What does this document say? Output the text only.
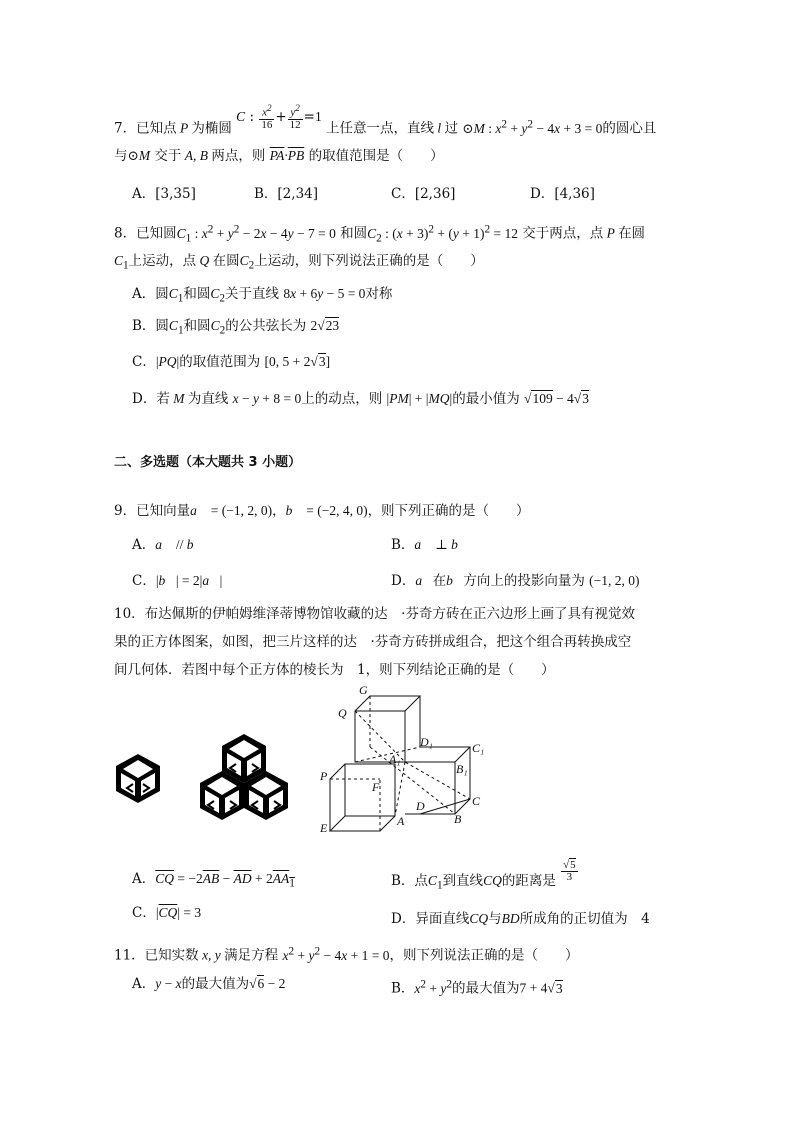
7．已知点 P 为椭圆 C : $\frac{x^2}{16} + \frac{y^2}{12} =1$ 上任意一点，直线 l 过 ⊙M : $x^2 + y^2 - 4x + 3 = 0$的圆心且
与⊙M 交于 A, B 两点，则 $\overline{PA}\cdot\overline{PB}$ 的取值范围是（　　）
A．[3,35]	B．[2,34]	C．[2,36]	D．[4,36]
8．已知圆$C_1$ : $x^2 + y^2 - 2x - 4y - 7 = 0$ 和圆$C_2$ : $(x + 3)^2 + (y + 1)^2 = 12$ 交于两点，点 P 在圆
$C_1$上运动，点 Q 在圆$C_2$上运动，则下列说法正确的是（　　）
A．圆$C_1$和圆$C_2$关于直线 8x + 6y − 5 = 0对称
B．圆$C_1$和圆$C_2$的公共弦长为 2√23
C．|PQ|的取值范围为 [0, 5 + 2√3]
D．若 M 为直线 x − y + 8 = 0上的动点，则 |PM| + |MQ|的最小值为 √109 − 4√3
二、多选题（本大题共 3 小题）
9．已知向量a⃗ = (−1, 2, 0)，b⃗ = (−2, 4, 0)，则下列正确的是（　　）
A．a⃗ // b⃗	B．a⃗ ⊥ b⃗
C．|b⃗| = 2|a⃗|	D．a⃗在b⃗方向上的投影向量为 (−1, 2, 0)
10．布达佩斯的伊帕姆维泽蒂博物馆收藏的达　·芬奇方砖在正六边形上画了具有视觉效
果的正方体图案，如图，把三片这样的达　·芬奇方砖拼成组合，把这个组合再转换成空
间几何体．若图中每个正方体的棱长为　1，则下列结论正确的是（　　）
G
Q
D₁	C₁
A₁
B₁
P
F
D	C
E	A	B
A．$\overline{CQ} = -2\overline{AB} - \overline{AD} + 2AA_1$	B．点$C_1$到直线CQ的距离是 $\frac{√5}{3}$
C．$|\overline{CQ}| = 3$	D．异面直线CQ与BD所成角的正切值为　4
11．已知实数 x, y 满足方程 $x^2 + y^2 - 4x + 1 = 0$，则下列说法正确的是（　　）
A．y − x的最大值为√6 − 2	B．$x^2 + y^2$的最大值为7 + 4√3
